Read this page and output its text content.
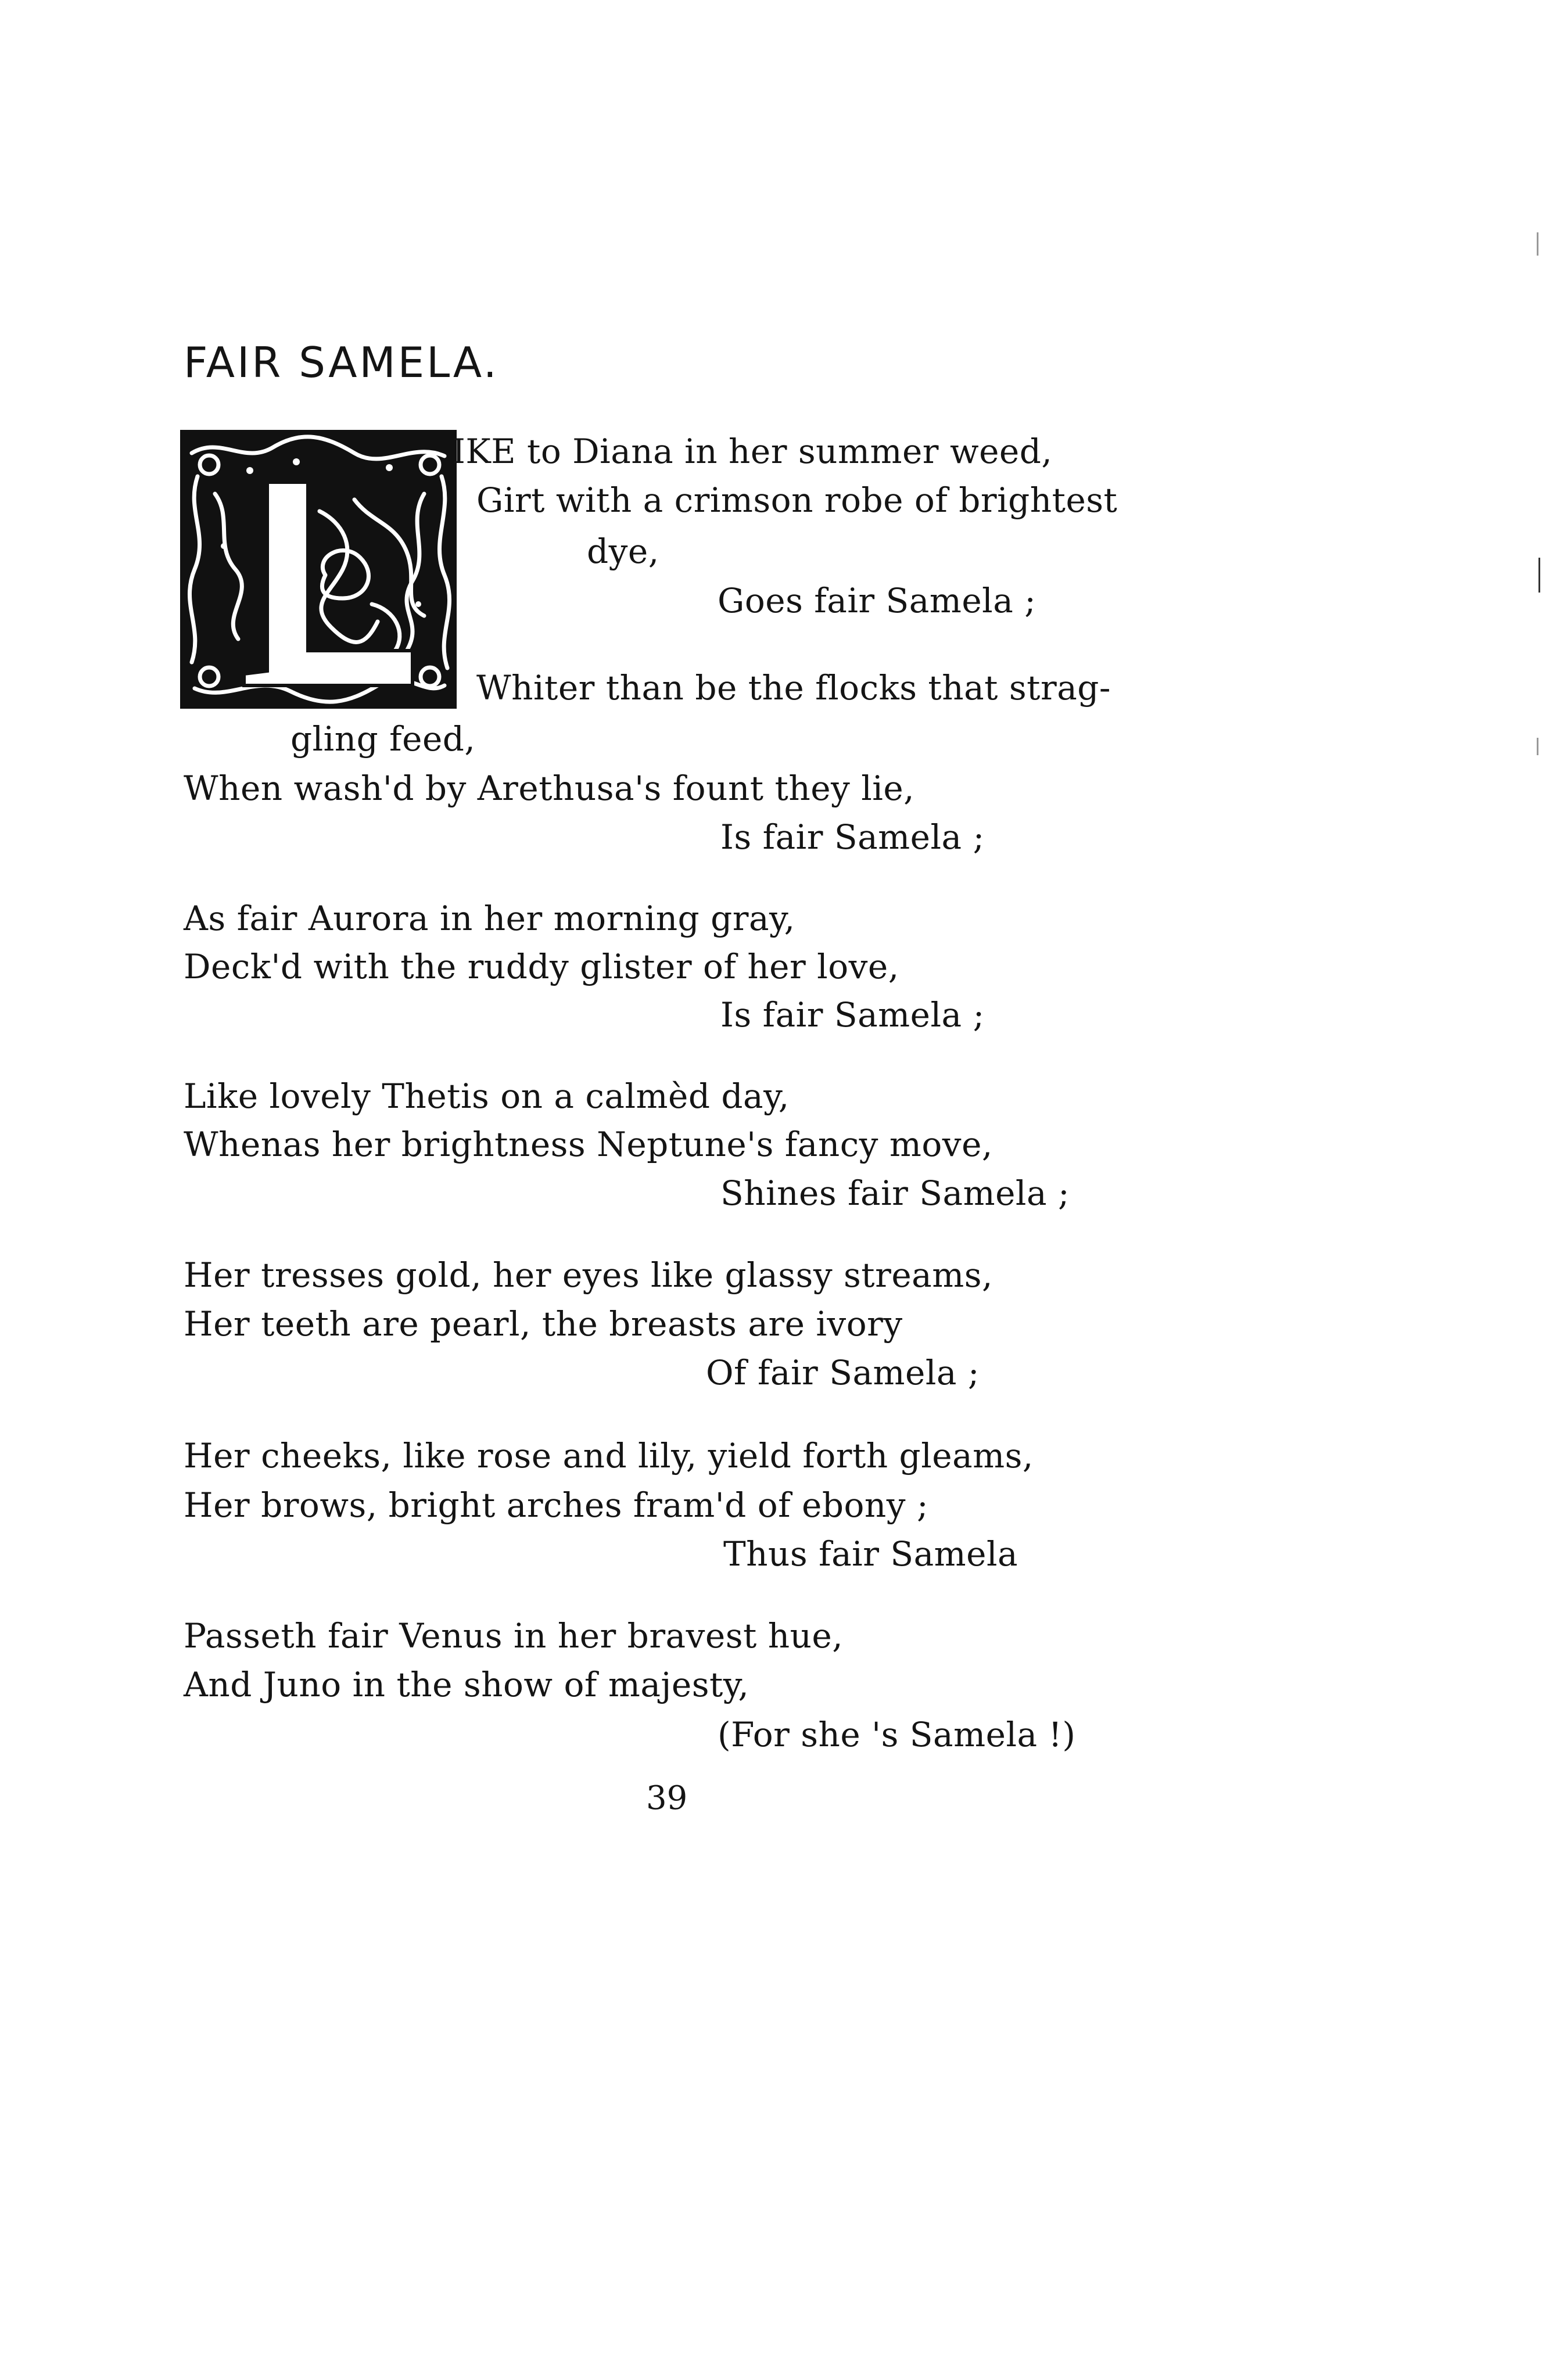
FAIR SAMELA.
L
IKE to Diana in her summer weed,
Girt with a crimson robe of brightest
dye,
Goes fair Samela ;
Whiter than be the flocks that strag-
gling feed,
When wash'd by Arethusa's fount they lie,
Is fair Samela ;
As fair Aurora in her morning gray,
Deck'd with the ruddy glister of her love,
Is fair Samela ;
Like lovely Thetis on a calmèd day,
Whenas her brightness Neptune's fancy move,
Shines fair Samela ;
Her tresses gold, her eyes like glassy streams,
Her teeth are pearl, the breasts are ivory
Of fair Samela ;
Her cheeks, like rose and lily, yield forth gleams,
Her brows, bright arches fram'd of ebony ;
Thus fair Samela
Passeth fair Venus in her bravest hue,
And Juno in the show of majesty,
(For she 's Samela !)
39
